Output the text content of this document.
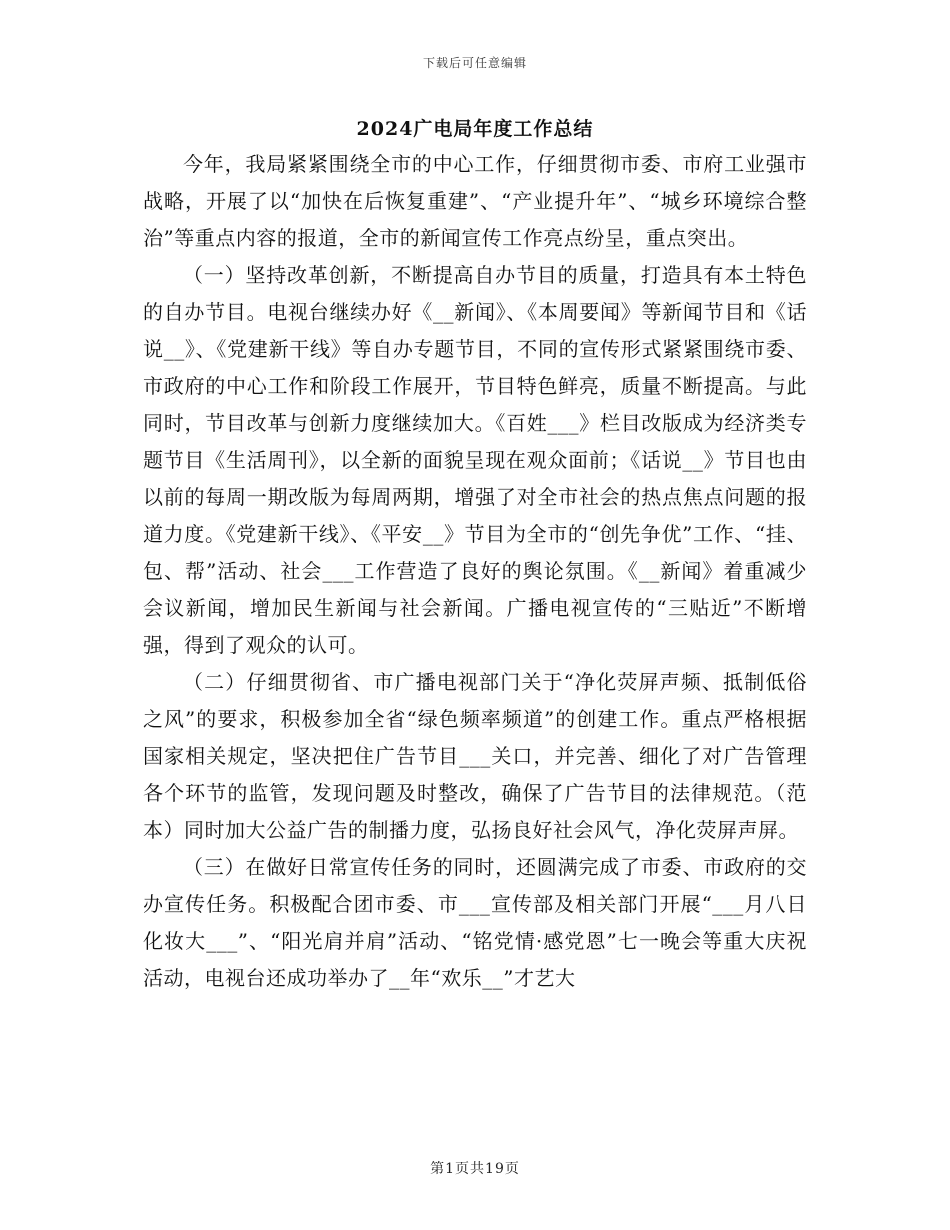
下载后可任意编辑
2024广电局年度工作总结

今年，我局紧紧围绕全市的中心工作，仔细贯彻市委、市府工业强市战略，开展了以“加快在后恢复重建”、“产业提升年”、“城乡环境综合整治”等重点内容的报道，全市的新闻宣传工作亮点纷呈，重点突出。

（一）坚持改革创新，不断提高自办节目的质量，打造具有本土特色的自办节目。电视台继续办好《__新闻》、《本周要闻》等新闻节目和《话说__》、《党建新干线》等自办专题节目，不同的宣传形式紧紧围绕市委、市政府的中心工作和阶段工作展开，节目特色鲜亮，质量不断提高。与此同时，节目改革与创新力度继续加大。《百姓___》栏目改版成为经济类专题节目《生活周刊》，以全新的面貌呈现在观众面前；《话说__》节目也由以前的每周一期改版为每周两期，增强了对全市社会的热点焦点问题的报道力度。《党建新干线》、《平安__》节目为全市的“创先争优”工作、“挂、包、帮”活动、社会___工作营造了良好的舆论氛围。《__新闻》着重减少会议新闻，增加民生新闻与社会新闻。广播电视宣传的“三贴近”不断增强，得到了观众的认可。

（二）仔细贯彻省、市广播电视部门关于“净化荧屏声频、抵制低俗之风”的要求，积极参加全省“绿色频率频道”的创建工作。重点严格根据国家相关规定，坚决把住广告节目___关口，并完善、细化了对广告管理各个环节的监管，发现问题及时整改，确保了广告节目的法律规范。（范本）同时加大公益广告的制播力度，弘扬良好社会风气，净化荧屏声屏。

（三）在做好日常宣传任务的同时，还圆满完成了市委、市政府的交办宣传任务。积极配合团市委、市___宣传部及相关部门开展“___月八日化妆大___”、“阳光肩并肩”活动、“铭党情·感党恩”七一晚会等重大庆祝活动，电视台还成功举办了__年“欢乐__”才艺大

第1页共19页
